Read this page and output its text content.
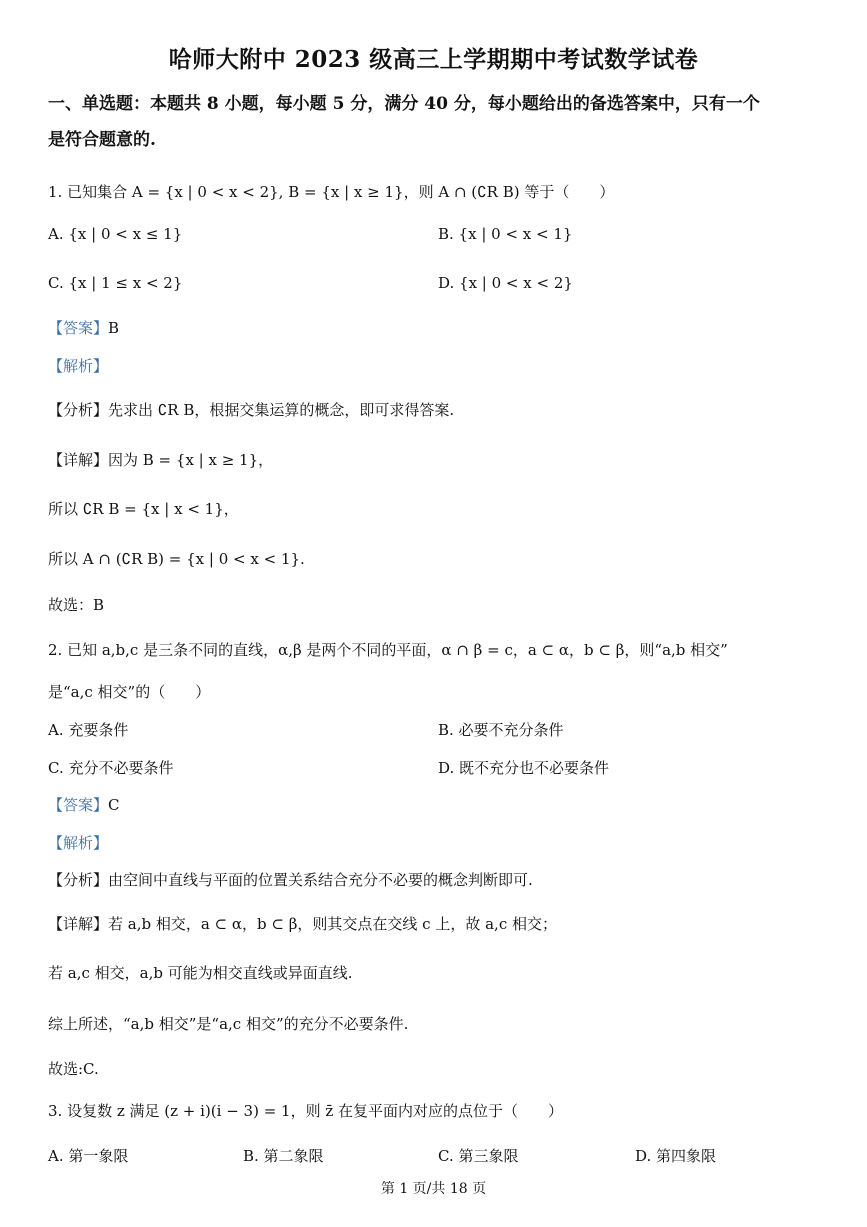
哈师大附中 2023 级高三上学期期中考试数学试卷
一、单选题：本题共 8 小题，每小题 5 分，满分 40 分，每小题给出的备选答案中，只有一个
是符合题意的.
1. 已知集合 A = {x | 0 < x < 2}, B = {x | x ≥ 1}，则 A ∩ (∁R B) 等于（　　）
A. {x | 0 < x ≤ 1}	B. {x | 0 < x < 1}
C. {x | 1 ≤ x < 2}	D. {x | 0 < x < 2}
【答案】B
【解析】
【分析】先求出 ∁R B，根据交集运算的概念，即可求得答案.
【详解】因为 B = {x | x ≥ 1}，
所以 ∁R B = {x | x < 1}，
所以 A ∩ (∁R B) = {x | 0 < x < 1}.
故选：B
2. 已知 a,b,c 是三条不同的直线，α,β 是两个不同的平面，α ∩ β = c，a ⊂ α，b ⊂ β，则“a,b 相交”
是“a,c 相交”的（　　）
A. 充要条件	B. 必要不充分条件
C. 充分不必要条件	D. 既不充分也不必要条件
【答案】C
【解析】
【分析】由空间中直线与平面的位置关系结合充分不必要的概念判断即可.
【详解】若 a,b 相交，a ⊂ α，b ⊂ β，则其交点在交线 c 上，故 a,c 相交；
若 a,c 相交，a,b 可能为相交直线或异面直线.
综上所述，“a,b 相交”是“a,c 相交”的充分不必要条件.
故选:C.
3. 设复数 z 满足 (z + i)(i − 3) = 1，则 z̄ 在复平面内对应的点位于（　　）
A. 第一象限	B. 第二象限	C. 第三象限	D. 第四象限
第 1 页/共 18 页
